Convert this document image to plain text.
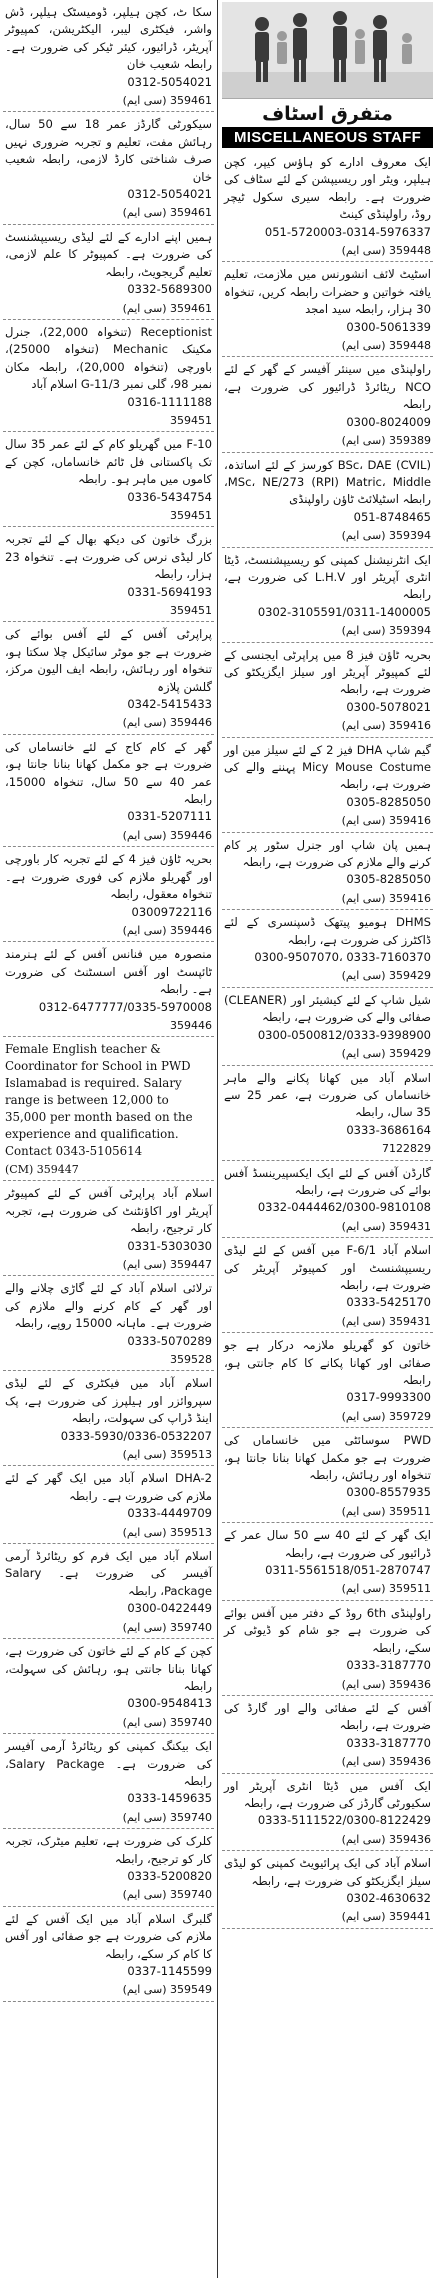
سکا ٹ، کچن ہیلپر، ڈومیسٹک ہیلپر، ڈش واشر، فیکٹری لیبر، الیکٹریشن، کمپیوٹر آپریٹر، ڈرائیور، کیئر ٹیکر کی ضرورت ہے۔ رابطہ شعیب خان
0312-5054021
(سی ایم) 359461
سیکورٹی گارڈز عمر 18 سے 50 سال، رہائش مفت، تعلیم و تجربہ ضروری نہیں صرف شناختی کارڈ لازمی، رابطہ شعیب خان
0312-5054021
(سی ایم) 359461
ہمیں اپنے ادارے کے لئے لیڈی ریسیپشنسٹ کی ضرورت ہے۔ کمپیوٹر کا علم لازمی، تعلیم گریجویٹ، رابطہ
0332-5689300
(سی ایم) 359461
Receptionist (تنخواہ 22,000)، جنرل مکینک Mechanic (تنخواہ 25000)، باورچی (تنخواہ 20,000)، رابطہ مکان نمبر 98، گلی نمبر G-11/3 اسلام آباد
0316-1111188
359451
F-10 میں گھریلو کام کے لئے عمر 35 سال تک پاکستانی فل ٹائم خانساماں، کچن کے کاموں میں ماہر ہو۔ رابطہ
0336-5434754
359451
بزرگ خاتون کی دیکھ بھال کے لئے تجربہ کار لیڈی نرس کی ضرورت ہے۔ تنخواہ 23 ہزار، رابطہ
0331-5694193
359451
پراپرٹی آفس کے لئے آفس بوائے کی ضرورت ہے جو موٹر سائیکل چلا سکتا ہو، تنخواہ اور رہائش، رابطہ ایف الیون مرکز، گلشن پلازہ
0342-5415433
(سی ایم) 359446
گھر کے کام کاج کے لئے خانساماں کی ضرورت ہے جو مکمل کھانا بنانا جانتا ہو، عمر 40 سے 50 سال، تنخواہ 15000، رابطہ
0331-5207111
(سی ایم) 359446
بحریہ ٹاؤن فیز 4 کے لئے تجربہ کار باورچی اور گھریلو ملازم کی فوری ضرورت ہے۔ تنخواہ معقول، رابطہ
03009722116
(سی ایم) 359446
منصورہ میں فنانس آفس کے لئے ہنرمند ٹائپسٹ اور آفس اسسٹنٹ کی ضرورت ہے۔ رابطہ
0312-6477777/0335-5970008
359446
Female English teacher & Coordinator for School in PWD Islamabad is required. Salary range is between 12,000 to 35,000 per month based on the experience and qualification. Contact 0343-5105614
(CM) 359447
اسلام آباد پراپرٹی آفس کے لئے کمپیوٹر آپریٹر اور اکاؤنٹنٹ کی ضرورت ہے، تجربہ کار ترجیح، رابطہ
0331-5303030
(سی ایم) 359447
ترلائی اسلام آباد کے لئے گاڑی چلانے والے اور گھر کے کام کرنے والے ملازم کی ضرورت ہے۔ ماہانہ 15000 روپے، رابطہ
0333-5070289
359528
اسلام آباد میں فیکٹری کے لئے لیڈی سپروائزر اور ہیلپرز کی ضرورت ہے، پک اینڈ ڈراپ کی سہولت، رابطہ
0333-5930/0336-0532207
(سی ایم) 359513
DHA-2 اسلام آباد میں ایک گھر کے لئے ملازم کی ضرورت ہے۔ رابطہ
0333-4449709
(سی ایم) 359513
اسلام آباد میں ایک فرم کو ریٹائرڈ آرمی آفیسر کی ضرورت ہے۔ Salary Package، رابطہ
0300-0422449
(سی ایم) 359740
کچن کے کام کے لئے خاتون کی ضرورت ہے، کھانا بنانا جانتی ہو، رہائش کی سہولت، رابطہ
0300-9548413
(سی ایم) 359740
ایک بیکنگ کمپنی کو ریٹائرڈ آرمی آفیسر کی ضرورت ہے۔ Salary Package، رابطہ
0333-1459635
(سی ایم) 359740
کلرک کی ضرورت ہے، تعلیم میٹرک، تجربہ کار کو ترجیح، رابطہ
0333-5200820
(سی ایم) 359740
گلبرگ اسلام آباد میں ایک آفس کے لئے ملازم کی ضرورت ہے جو صفائی اور آفس کا کام کر سکے، رابطہ
0337-1145599
(سی ایم) 359549
متفرق اسٹاف
MISCELLANEOUS STAFF
ایک معروف ادارے کو ہاؤس کیپر، کچن ہیلپر، ویٹر اور ریسیپشن کے لئے سٹاف کی ضرورت ہے۔ رابطہ سیری سکول ٹیچر روڈ، راولپنڈی کینٹ
051-5720003-0314-5976337
(سی ایم) 359448
اسٹیٹ لائف انشورنس میں ملازمت، تعلیم یافتہ خواتین و حضرات رابطہ کریں، تنخواہ 30 ہزار، رابطہ سید امجد
0300-5061339
(سی ایم) 359448
راولپنڈی میں سینئر آفیسر کے گھر کے لئے NCO ریٹائرڈ ڈرائیور کی ضرورت ہے، رابطہ
0300-8024009
(سی ایم) 359389
BSc، DAE (CVIL) کورسز کے لئے اساتذہ، MSc، NE/273 (RPI) Matric، Middle، رابطہ اسٹیلائٹ ٹاؤن راولپنڈی
051-8748465
(سی ایم) 359394
ایک انٹرنیشنل کمپنی کو ریسیپشنسٹ، ڈیٹا انٹری آپریٹر اور L.H.V کی ضرورت ہے، رابطہ
0302-3105591/0311-1400005
(سی ایم) 359394
بحریہ ٹاؤن فیز 8 میں پراپرٹی ایجنسی کے لئے کمپیوٹر آپریٹر اور سیلز ایگزیکٹو کی ضرورت ہے، رابطہ
0300-5078021
(سی ایم) 359416
گیم شاپ DHA فیز 2 کے لئے سیلز مین اور Micy Mouse Costume پہننے والے کی ضرورت ہے، رابطہ
0305-8285050
(سی ایم) 359416
ہمیں پان شاپ اور جنرل سٹور پر کام کرنے والے ملازم کی ضرورت ہے، رابطہ
0305-8285050
(سی ایم) 359416
DHMS ہومیو پیتھک ڈسپنسری کے لئے ڈاکٹرز کی ضرورت ہے، رابطہ
0300-9507070، 0333-7160370
(سی ایم) 359429
شیل شاپ کے لئے کیشیئر اور (CLEANER) صفائی والے کی ضرورت ہے، رابطہ
0300-0500812/0333-9398900
(سی ایم) 359429
اسلام آباد میں کھانا پکانے والے ماہر خانساماں کی ضرورت ہے، عمر 25 سے 35 سال، رابطہ
0333-3686164
7122829
گارڈن آفس کے لئے ایک ایکسپیرینسڈ آفس بوائے کی ضرورت ہے، رابطہ
0332-0444462/0300-9810108
(سی ایم) 359431
اسلام آباد F-6/1 میں آفس کے لئے لیڈی ریسیپشنسٹ اور کمپیوٹر آپریٹر کی ضرورت ہے، رابطہ
0333-5425170
(سی ایم) 359431
خاتون کو گھریلو ملازمہ درکار ہے جو صفائی اور کھانا پکانے کا کام جانتی ہو، رابطہ
0317-9993300
(سی ایم) 359729
PWD سوسائٹی میں خانساماں کی ضرورت ہے جو مکمل کھانا بنانا جانتا ہو، تنخواہ اور رہائش، رابطہ
0300-8557935
(سی ایم) 359511
ایک گھر کے لئے 40 سے 50 سال عمر کے ڈرائیور کی ضرورت ہے، رابطہ
0311-5561518/051-2870747
(سی ایم) 359511
راولپنڈی 6th روڈ کے دفتر میں آفس بوائے کی ضرورت ہے جو شام کو ڈیوٹی کر سکے، رابطہ
0333-3187770
(سی ایم) 359436
آفس کے لئے صفائی والے اور گارڈ کی ضرورت ہے، رابطہ
0333-3187770
(سی ایم) 359436
ایک آفس میں ڈیٹا انٹری آپریٹر اور سکیورٹی گارڈز کی ضرورت ہے، رابطہ
0333-5111522/0300-8122429
(سی ایم) 359436
اسلام آباد کی ایک پرائیویٹ کمپنی کو لیڈی سیلز ایگزیکٹو کی ضرورت ہے، رابطہ
0302-4630632
(سی ایم) 359441
